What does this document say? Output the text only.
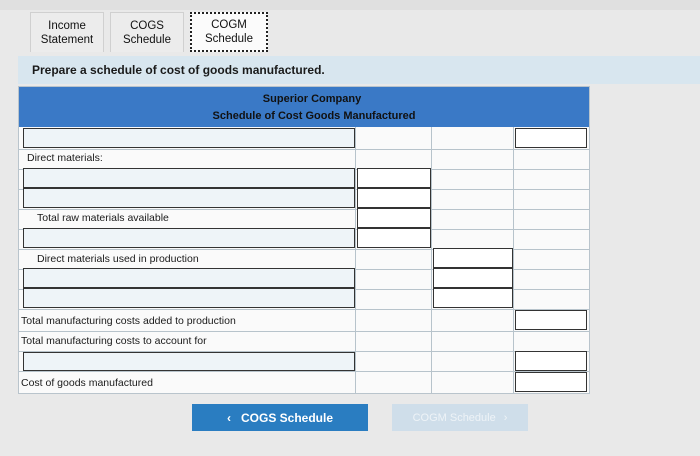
Income
Statement
COGS
Schedule
COGM
Schedule
Prepare a schedule of cost of goods manufactured.
Superior Company
Schedule of Cost Goods Manufactured
Direct materials:
Total raw materials available
Direct materials used in production
Total manufacturing costs added to production
Total manufacturing costs to account for
Cost of goods manufactured
‹ COGS Schedule	COGM Schedule ›
